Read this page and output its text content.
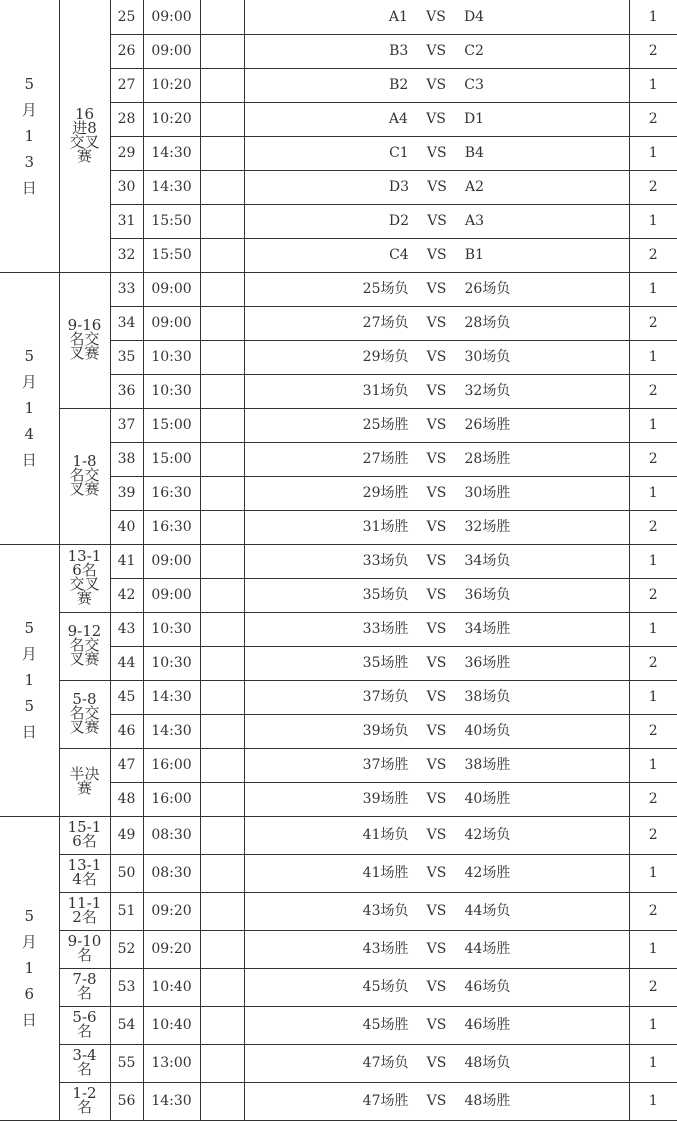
5月13日	16进8交叉赛	25	09:00		A1 VS D4	1
		26	09:00		B3 VS C2	2
		27	10:20		B2 VS C3	1
		28	10:20		A4 VS D1	2
		29	14:30		C1 VS B4	1
		30	14:30		D3 VS A2	2
		31	15:50		D2 VS A3	1
		32	15:50		C4 VS B1	2
5月14日	9-16名交叉赛	33	09:00		25场负 VS 26场负	1
		34	09:00		27场负 VS 28场负	2
		35	10:30		29场负 VS 30场负	1
		36	10:30		31场负 VS 32场负	2
	1-8名交叉赛	37	15:00		25场胜 VS 26场胜	1
		38	15:00		27场胜 VS 28场胜	2
		39	16:30		29场胜 VS 30场胜	1
		40	16:30		31场胜 VS 32场胜	2
5月15日	13-16名交叉赛	41	09:00		33场负 VS 34场负	1
		42	09:00		35场负 VS 36场负	2
	9-12名交叉赛	43	10:30		33场胜 VS 34场胜	1
		44	10:30		35场胜 VS 36场胜	2
	5-8名交叉赛	45	14:30		37场负 VS 38场负	1
		46	14:30		39场负 VS 40场负	2
	半决赛	47	16:00		37场胜 VS 38场胜	1
		48	16:00		39场胜 VS 40场胜	2
5月16日	15-16名	49	08:30		41场负 VS 42场负	2
	13-14名	50	08:30		41场胜 VS 42场胜	1
	11-12名	51	09:20		43场负 VS 44场负	2
	9-10名	52	09:20		43场胜 VS 44场胜	1
	7-8名	53	10:40		45场负 VS 46场负	2
	5-6名	54	10:40		45场胜 VS 46场胜	1
	3-4名	55	13:00		47场负 VS 48场负	1
	1-2名	56	14:30		47场胜 VS 48场胜	1
